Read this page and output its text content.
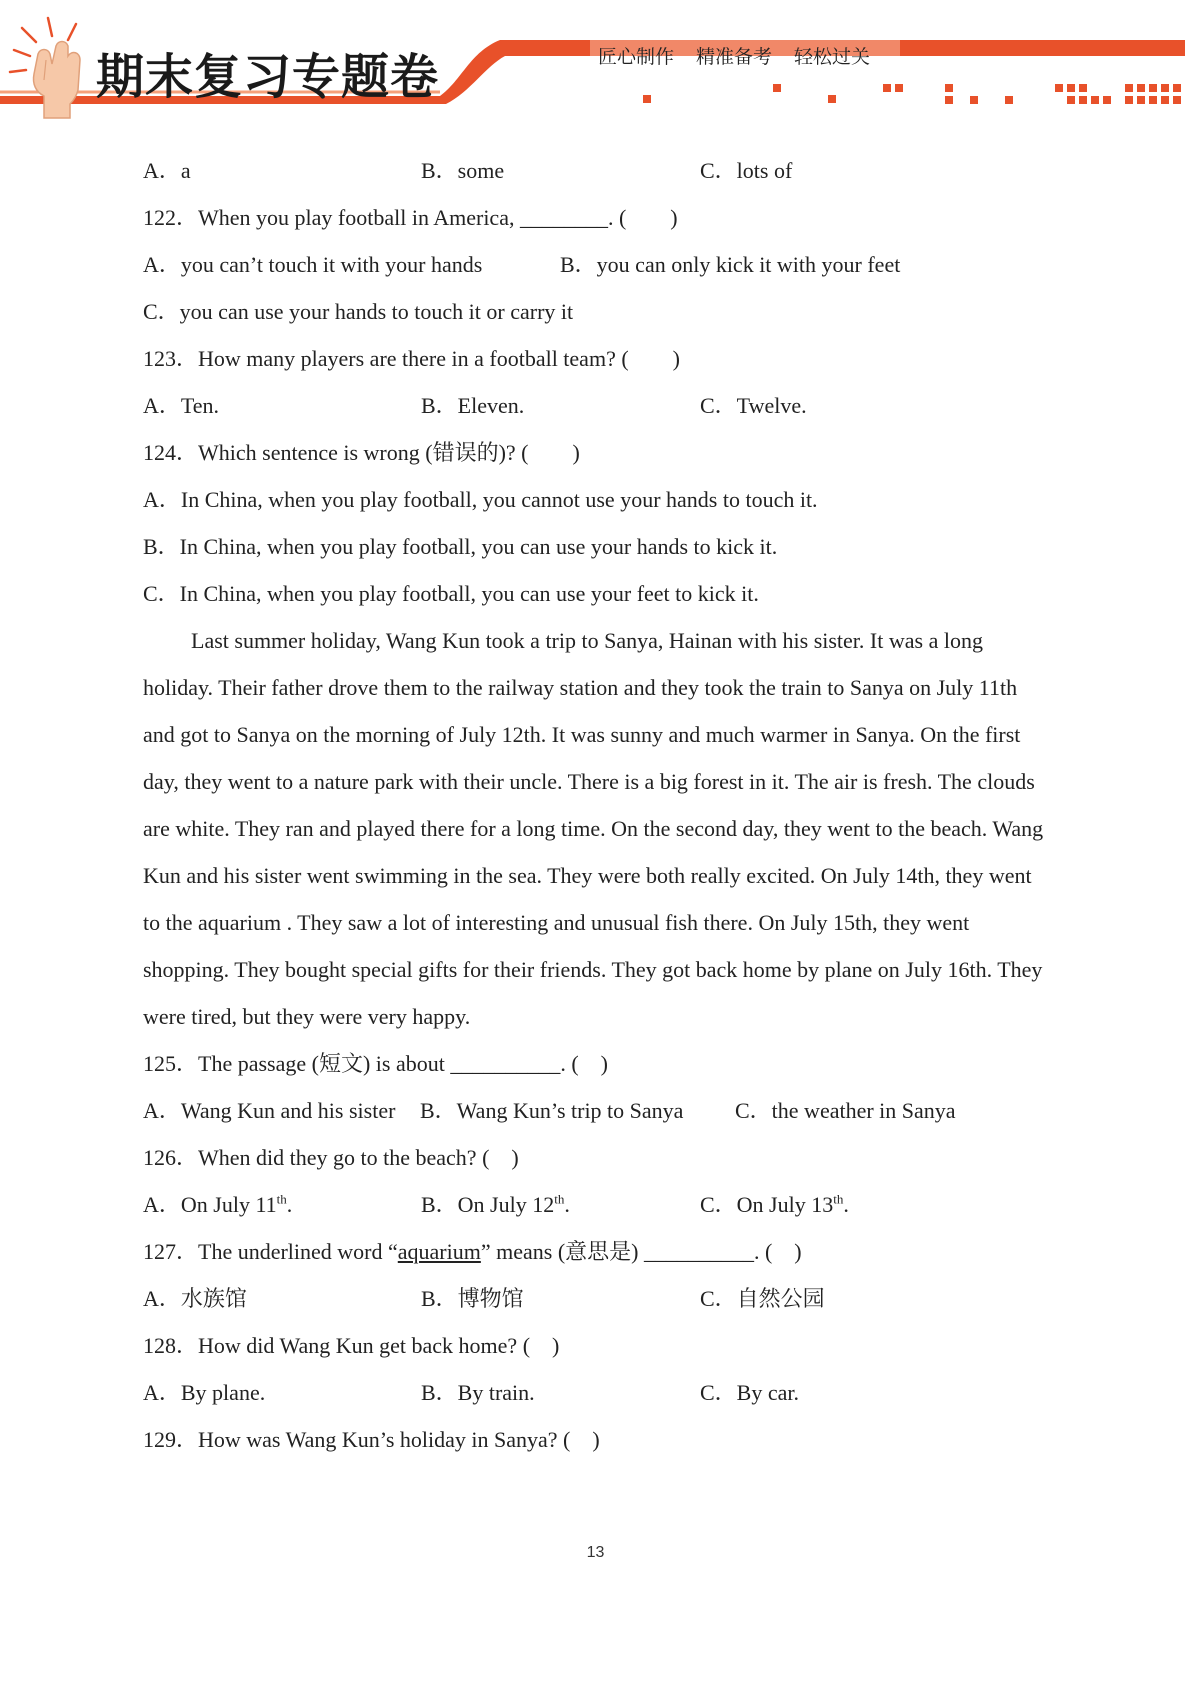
期末复习专题卷	匠心制作 精准备考 轻松过关
A．a	B．some	C．lots of
122．When you play football in America, ________. (　　)
A．you can’t touch it with your hands	B．you can only kick it with your feet
C．you can use your hands to touch it or carry it
123．How many players are there in a football team? (　　)
A．Ten.	B．Eleven.	C．Twelve.
124．Which sentence is wrong (错误的)? (　　)
A．In China, when you play football, you cannot use your hands to touch it.
B．In China, when you play football, you can use your hands to kick it.
C．In China, when you play football, you can use your feet to kick it.

Last summer holiday, Wang Kun took a trip to Sanya, Hainan with his sister. It was a long holiday. Their father drove them to the railway station and they took the train to Sanya on July 11th and got to Sanya on the morning of July 12th. It was sunny and much warmer in Sanya. On the first day, they went to a nature park with their uncle. There is a big forest in it. The air is fresh. The clouds are white. They ran and played there for a long time. On the second day, they went to the beach. Wang Kun and his sister went swimming in the sea. They were both really excited. On July 14th, they went to the aquarium . They saw a lot of interesting and unusual fish there. On July 15th, they went shopping. They bought special gifts for their friends. They got back home by plane on July 16th. They were tired, but they were very happy.

125．The passage (短文) is about __________. (　)
A．Wang Kun and his sister B．Wang Kun’s trip to Sanya C．the weather in Sanya
126．When did they go to the beach? (　)
A．On July 11th.	B．On July 12th.	C．On July 13th.
127．The underlined word “aquarium” means (意思是) __________. (　)
A．水族馆	B．博物馆	C．自然公园
128．How did Wang Kun get back home? (　)
A．By plane.	B．By train.	C．By car.
129．How was Wang Kun’s holiday in Sanya? (　)
13
